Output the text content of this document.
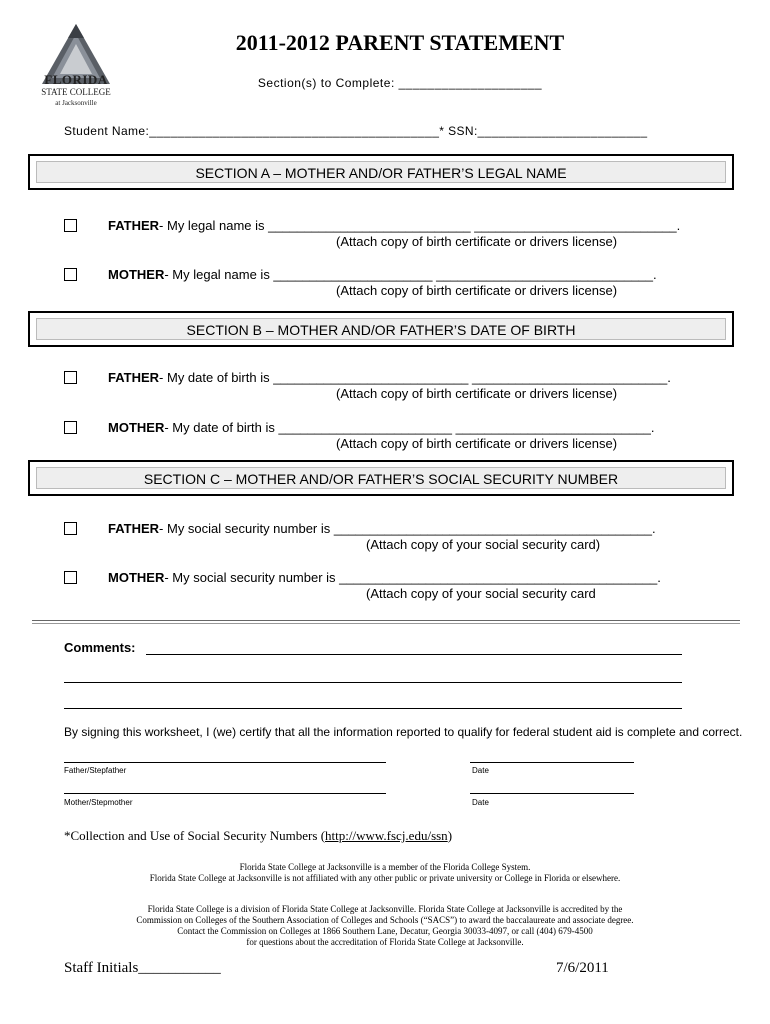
FLORIDA
STATE COLLEGE
at Jacksonville
2011-2012 PARENT STATEMENT
Section(s) to Complete: ____________________
Student Name:_________________________________________* SSN:________________________
SECTION A – MOTHER AND/OR FATHER’S LEGAL NAME
FATHER- My legal name is ____________________________ ____________________________.
(Attach copy of birth certificate or drivers license)
MOTHER- My legal name is ______________________ ______________________________.
(Attach copy of birth certificate or drivers license)
SECTION B – MOTHER AND/OR FATHER’S DATE OF BIRTH
FATHER- My date of birth is ___________________________ ___________________________.
(Attach copy of birth certificate or drivers license)
MOTHER- My date of birth is ________________________ ___________________________.
(Attach copy of birth certificate or drivers license)
SECTION C – MOTHER AND/OR FATHER’S SOCIAL SECURITY NUMBER
FATHER- My social security number is ____________________________________________.
(Attach copy of your social security card)
MOTHER- My social security number is ____________________________________________.
(Attach copy of your social security card
Comments:
By signing this worksheet, I (we) certify that all the information reported to qualify for federal student aid is complete and correct.
Father/Stepfather	Date
Mother/Stepmother	Date
*Collection and Use of Social Security Numbers (http://www.fscj.edu/ssn)
Florida State College at Jacksonville is a member of the Florida College System.
Florida State College at Jacksonville is not affiliated with any other public or private university or College in Florida or elsewhere.
Florida State College is a division of Florida State College at Jacksonville. Florida State College at Jacksonville is accredited by the
Commission on Colleges of the Southern Association of Colleges and Schools (“SACS”) to award the baccalaureate and associate degree.
Contact the Commission on Colleges at 1866 Southern Lane, Decatur, Georgia 30033-4097, or call (404) 679-4500
for questions about the accreditation of Florida State College at Jacksonville.
Staff Initials___________	7/6/2011
